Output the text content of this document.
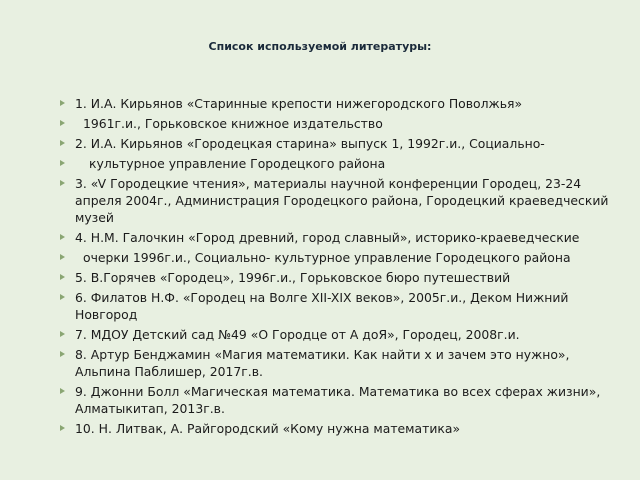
Список используемой литературы:
1. И.А. Кирьянов «Старинные крепости нижегородского Поволжья»
1961г.и., Горьковское книжное издательство
2. И.А. Кирьянов «Городецкая старина» выпуск 1, 1992г.и., Социально-
культурное управление Городецкого района
3. «V Городецкие чтения», материалы научной конференции Городец, 23-24 апреля 2004г., Администрация Городецкого района, Городецкий краеведческий музей
4. Н.М. Галочкин «Город древний, город славный», историко-краеведческие
очерки 1996г.и., Социально- культурное управление Городецкого района
5. В.Горячев «Городец», 1996г.и., Горьковское бюро путешествий
6. Филатов Н.Ф. «Городец на Волге XII-XIX веков», 2005г.и., Деком Нижний Новгород
7. МДОУ Детский сад №49 «О Городце от А доЯ», Городец, 2008г.и.
8. Артур Бенджамин «Магия математики. Как найти x и зачем это нужно», Альпина Паблишер, 2017г.в.
9. Джонни Болл «Магическая математика. Математика во всех сферах жизни», Алматыкитап, 2013г.в.
10. Н. Литвак, А. Райгородский «Кому нужна математика»
